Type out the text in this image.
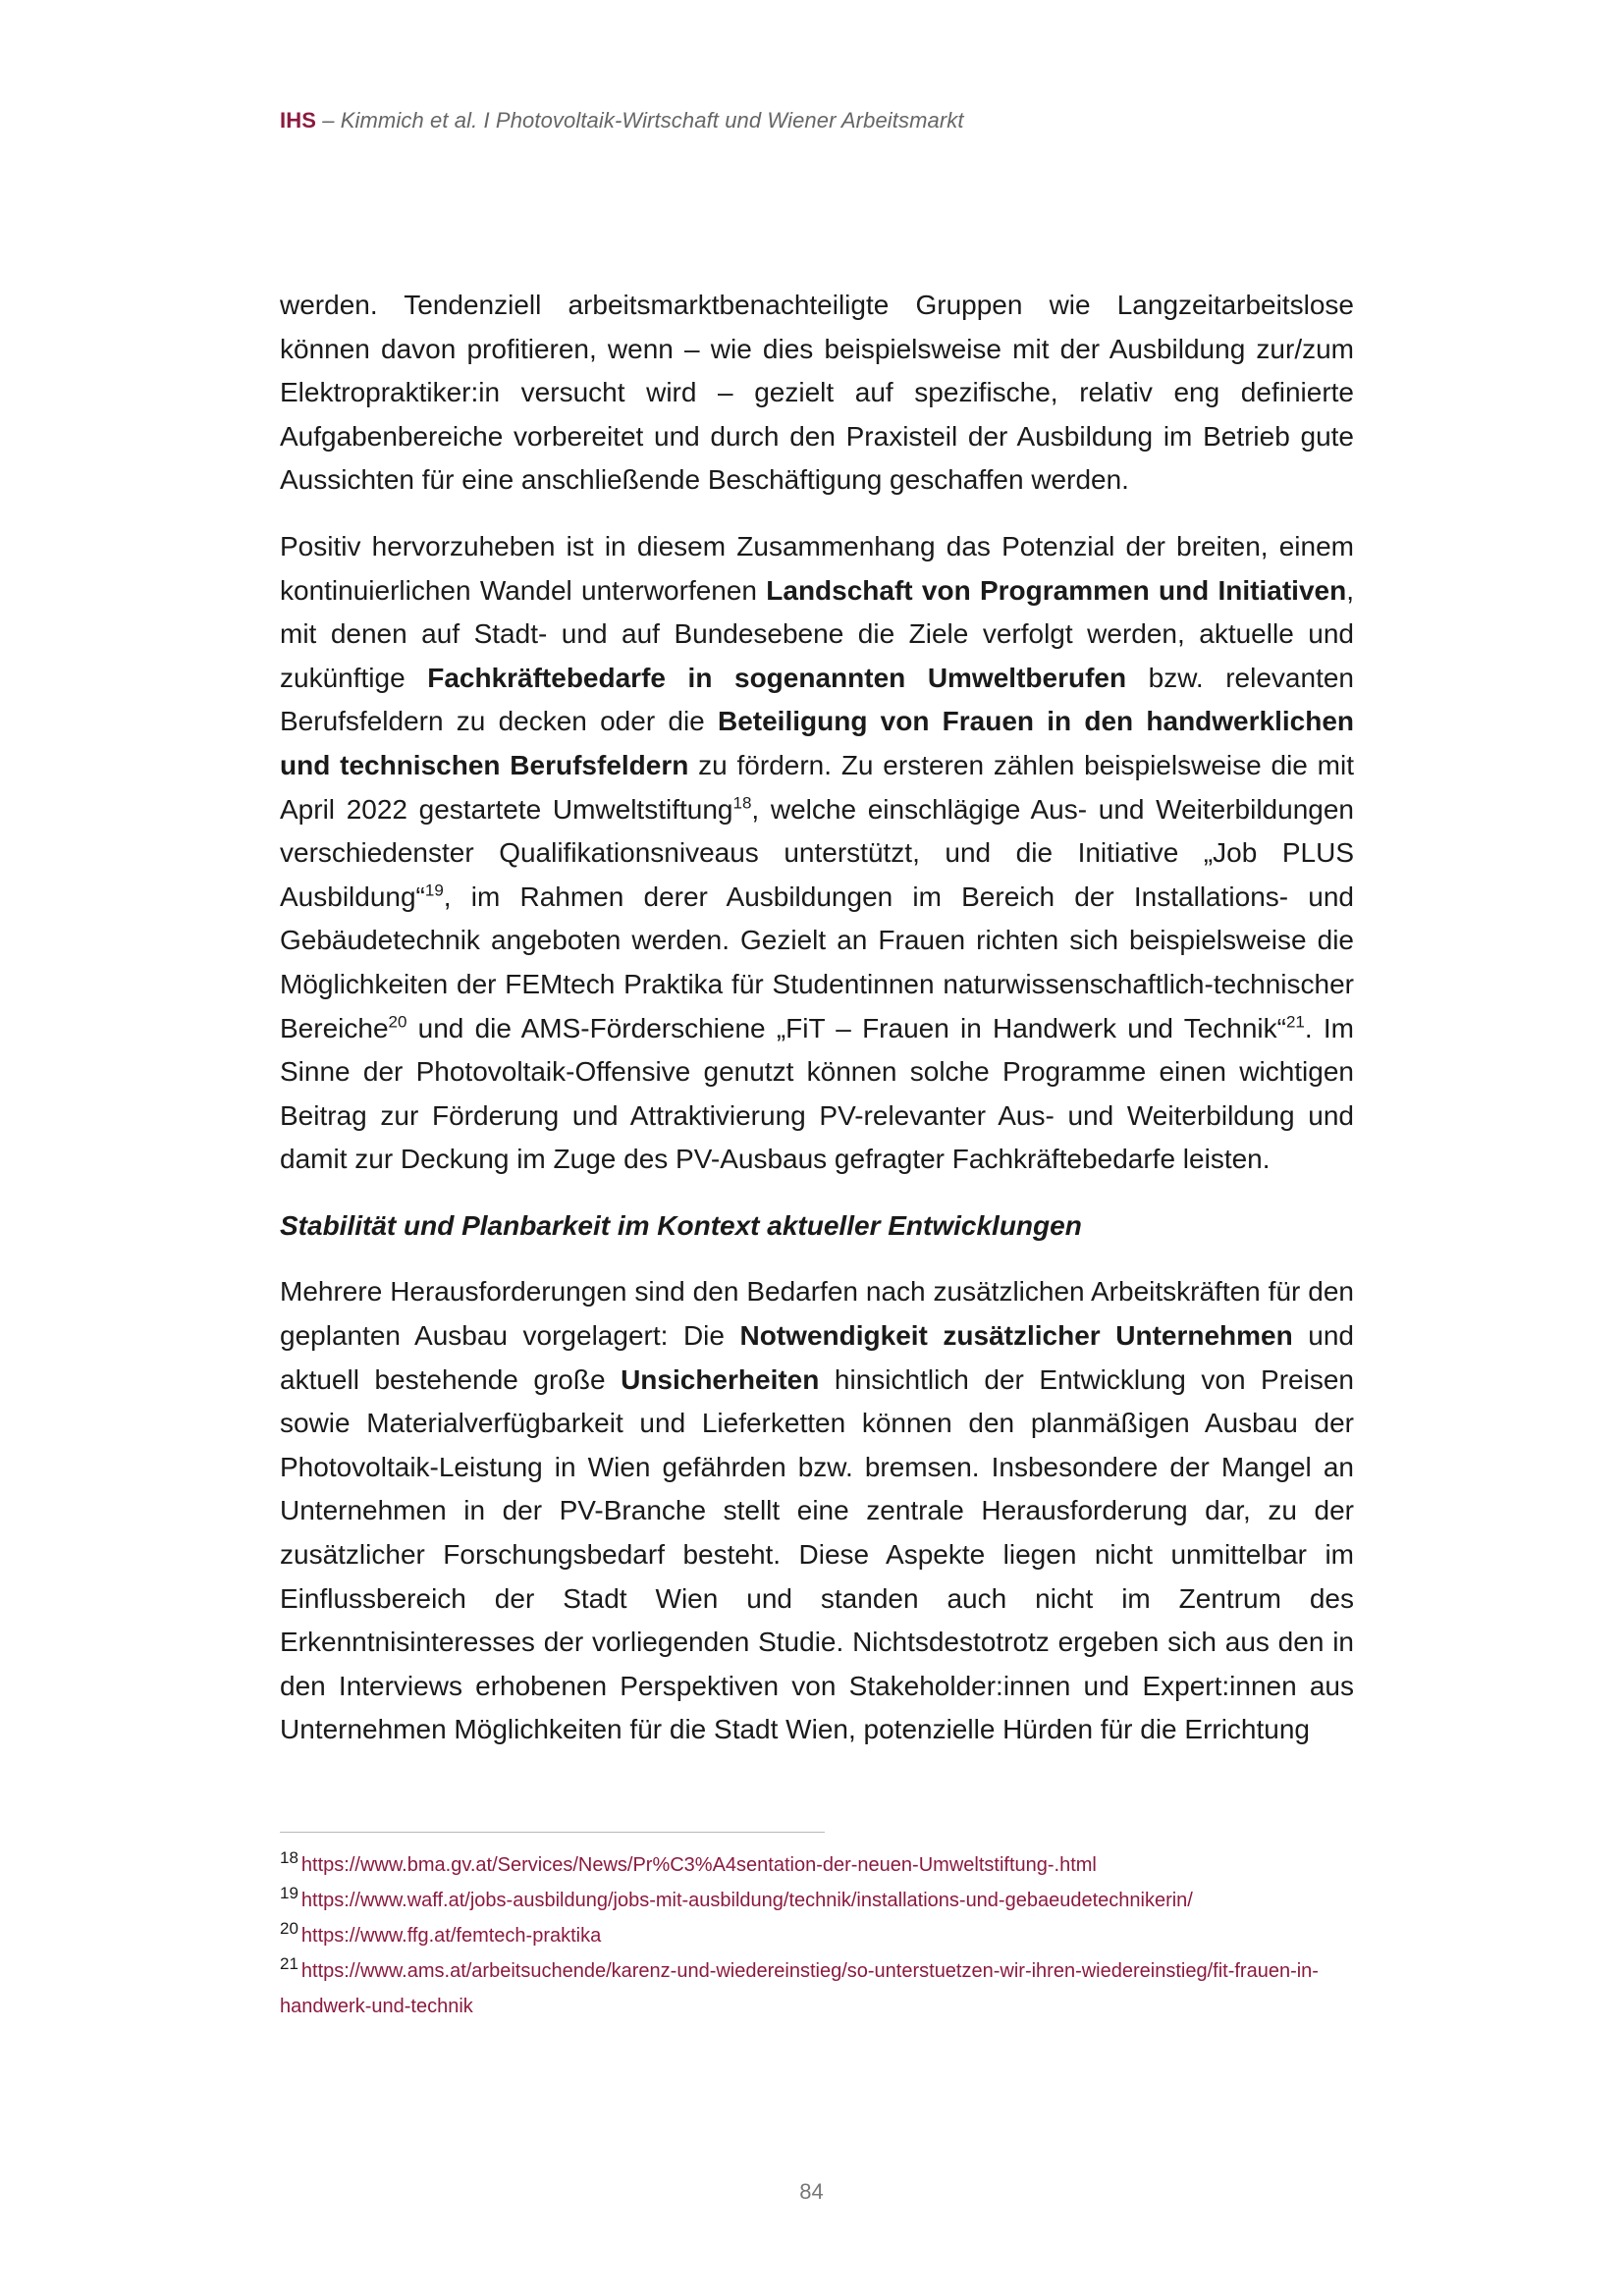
IHS – Kimmich et al. I Photovoltaik-Wirtschaft und Wiener Arbeitsmarkt

werden. Tendenziell arbeitsmarktbenachteiligte Gruppen wie Langzeitarbeitslose können davon profitieren, wenn – wie dies beispielsweise mit der Ausbildung zur/zum Elektropraktiker:in versucht wird – gezielt auf spezifische, relativ eng definierte Aufgabenbereiche vorbereitet und durch den Praxisteil der Ausbildung im Betrieb gute Aussichten für eine anschließende Beschäftigung geschaffen werden.

Positiv hervorzuheben ist in diesem Zusammenhang das Potenzial der breiten, einem kontinuierlichen Wandel unterworfenen Landschaft von Programmen und Initiativen, mit denen auf Stadt- und auf Bundesebene die Ziele verfolgt werden, aktuelle und zukünftige Fachkräftebedarfe in sogenannten Umweltberufen bzw. relevanten Berufsfeldern zu decken oder die Beteiligung von Frauen in den handwerklichen und technischen Berufsfeldern zu fördern. Zu ersteren zählen beispielsweise die mit April 2022 gestartete Umweltstiftung$^{18}$, welche einschlägige Aus- und Weiterbildungen verschiedenster Qualifikationsniveaus unterstützt, und die Initiative „Job PLUS Ausbildung“$^{19}$, im Rahmen derer Ausbildungen im Bereich der Installations- und Gebäudetechnik angeboten werden. Gezielt an Frauen richten sich beispielsweise die Möglichkeiten der FEMtech Praktika für Studentinnen naturwissenschaftlich-technischer Bereiche$^{20}$ und die AMS-Förderschiene „FiT – Frauen in Handwerk und Technik“$^{21}$. Im Sinne der Photovoltaik-Offensive genutzt können solche Programme einen wichtigen Beitrag zur Förderung und Attraktivierung PV-relevanter Aus- und Weiterbildung und damit zur Deckung im Zuge des PV-Ausbaus gefragter Fachkräftebedarfe leisten.

Stabilität und Planbarkeit im Kontext aktueller Entwicklungen

Mehrere Herausforderungen sind den Bedarfen nach zusätzlichen Arbeitskräften für den geplanten Ausbau vorgelagert: Die Notwendigkeit zusätzlicher Unternehmen und aktuell bestehende große Unsicherheiten hinsichtlich der Entwicklung von Preisen sowie Materialverfügbarkeit und Lieferketten können den planmäßigen Ausbau der Photovoltaik-Leistung in Wien gefährden bzw. bremsen. Insbesondere der Mangel an Unternehmen in der PV-Branche stellt eine zentrale Herausforderung dar, zu der zusätzlicher Forschungsbedarf besteht. Diese Aspekte liegen nicht unmittelbar im Einflussbereich der Stadt Wien und standen auch nicht im Zentrum des Erkenntnisinteresses der vorliegenden Studie. Nichtsdestotrotz ergeben sich aus den in den Interviews erhobenen Perspektiven von Stakeholder:innen und Expert:innen aus Unternehmen Möglichkeiten für die Stadt Wien, potenzielle Hürden für die Errichtung

$^{18}$ https://www.bma.gv.at/Services/News/Pr%C3%A4sentation-der-neuen-Umweltstiftung-.html

$^{19}$ https://www.waff.at/jobs-ausbildung/jobs-mit-ausbildung/technik/installations-und-gebaeudetechnikerin/

$^{20}$ https://www.ffg.at/femtech-praktika

$^{21}$ https://www.ams.at/arbeitsuchende/karenz-und-wiedereinstieg/so-unterstuetzen-wir-ihren-wiedereinstieg/fit-frauen-in-handwerk-und-technik

84
